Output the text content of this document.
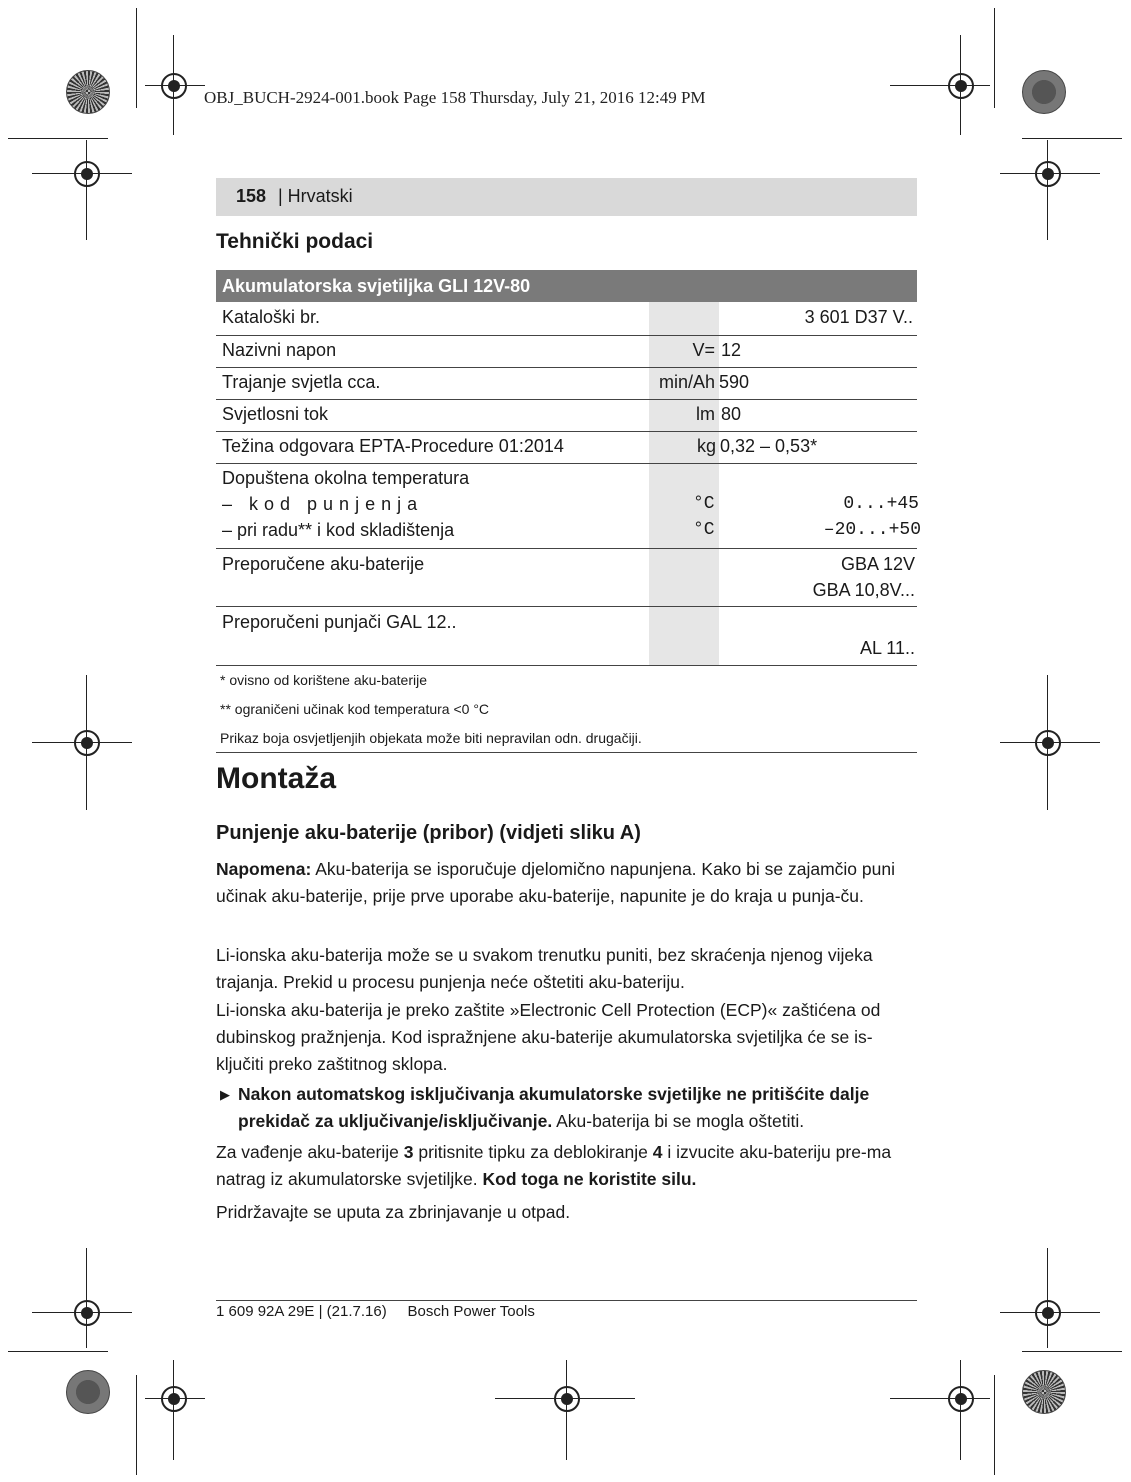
OBJ_BUCH-2924-001.book Page 158 Thursday, July 21, 2016 12:49 PM
158 | Hrvatski
Tehnički podaci
Akumulatorska svjetiljka GLI 12V-80
Kataloški br.	3 601 D37 V..
Nazivni napon	V= 12
Trajanje svjetla cca.	min/Ah 590
Svjetlosni tok	lm 80
Težina odgovara EPTA-Procedure 01:2014	kg 0,32 – 0,53*
Dopuštena okolna temperatura
– kod punjenja	°C	0...+45
– pri radu** i kod skladištenja	°C	–20...+50
Preporučene aku-baterije	GBA 12V
GBA 10,8V...
Preporučeni punjači GAL 12..
AL 11..
* ovisno od korištene aku-baterije
** ograničeni učinak kod temperatura <0 °C
Prikaz boja osvjetljenjih objekata može biti nepravilan odn. drugačiji.
Montaža
Punjenje aku-baterije (pribor) (vidjeti sliku A)
Napomena: Aku-baterija se isporučuje djelomično napunjena. Kako bi se zajamčio puni učinak aku-baterije, prije prve uporabe aku-baterije, napunite je do kraja u punja-ču.
Li-ionska aku-baterija može se u svakom trenutku puniti, bez skraćenja njenog vijeka trajanja. Prekid u procesu punjenja neće oštetiti aku-bateriju.
Li-ionska aku-baterija je preko zaštite »Electronic Cell Protection (ECP)« zaštićena od dubinskog pražnjenja. Kod ispražnjene aku-baterije akumulatorska svjetiljka će se is-ključiti preko zaštitnog sklopa.
▶ Nakon automatskog isključivanja akumulatorske svjetiljke ne pritišćite dalje prekidač za uključivanje/isključivanje. Aku-baterija bi se mogla oštetiti.
Za vađenje aku-baterije 3 pritisnite tipku za deblokiranje 4 i izvucite aku-bateriju pre-ma natrag iz akumulatorske svjetiljke. Kod toga ne koristite silu.
Pridržavajte se uputa za zbrinjavanje u otpad.
1 609 92A 29E | (21.7.16)     Bosch Power Tools
